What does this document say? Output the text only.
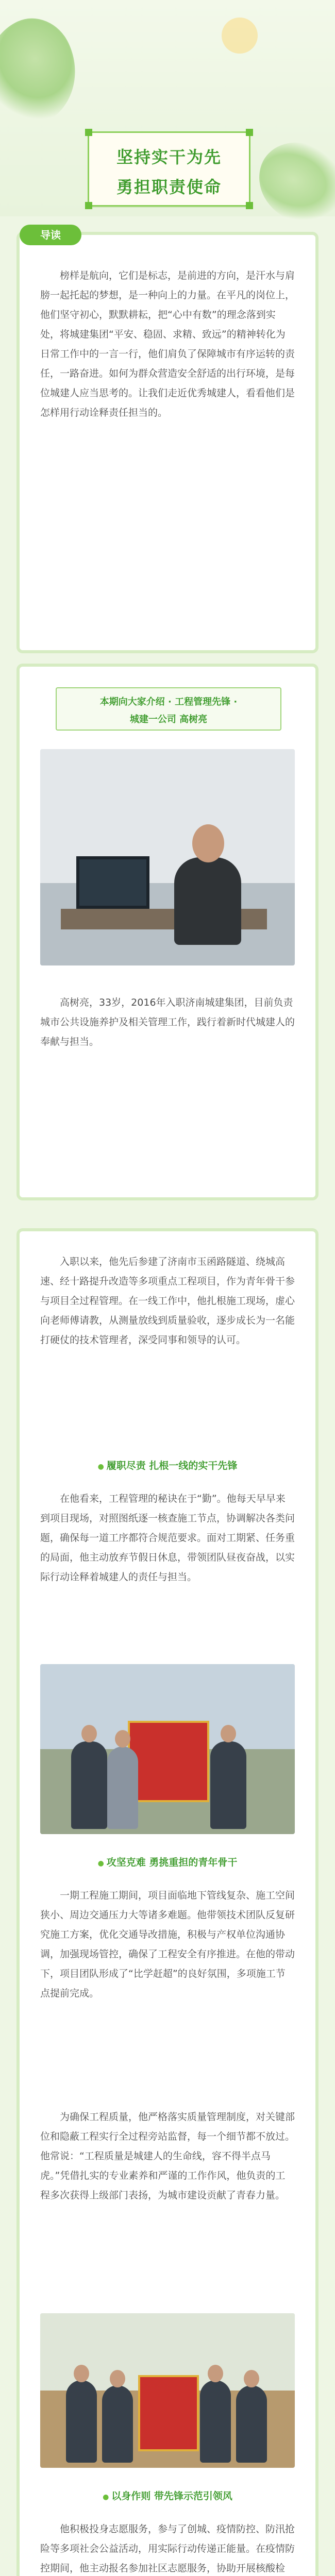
坚持实干为先
勇担职责使命
导读

榜样是航向，它们是标志，是前进的方向，是汗水与肩膀一起托起的梦想，是一种向上的力量。在平凡的岗位上，他们坚守初心，默默耕耘，把“心中有数”的理念落到实处，将城建集团“平安、稳固、求精、致远”的精神转化为日常工作中的一言一行，他们肩负了保障城市有序运转的责任，一路奋进。如何为群众营造安全舒适的出行环境，是每位城建人应当思考的。让我们走近优秀城建人，看看他们是怎样用行动诠释责任担当的。

本期向大家介绍 · 工程管理先锋 ·
城建一公司 高树亮

高树亮，33岁，2016年入职济南城建集团，目前负责城市公共设施养护及相关管理工作，践行着新时代城建人的奉献与担当。

入职以来，他先后参建了济南市玉函路隧道、绕城高速、经十路提升改造等多项重点工程项目，作为青年骨干参与项目全过程管理。在一线工作中，他扎根施工现场，虚心向老师傅请教，从测量放线到质量验收，逐步成长为一名能打硬仗的技术管理者，深受同事和领导的认可。

● 履职尽责 扎根一线的实干先锋

在他看来，工程管理的秘诀在于“勤”。他每天早早来到项目现场，对照图纸逐一核查施工节点，协调解决各类问题，确保每一道工序都符合规范要求。面对工期紧、任务重的局面，他主动放弃节假日休息，带领团队昼夜奋战，以实际行动诠释着城建人的责任与担当。

● 攻坚克难 勇挑重担的青年骨干

一期工程施工期间，项目面临地下管线复杂、施工空间狭小、周边交通压力大等诸多难题。他带领技术团队反复研究施工方案，优化交通导改措施，积极与产权单位沟通协调，加强现场管控，确保了工程安全有序推进。在他的带动下，项目团队形成了“比学赶超”的良好氛围，多项施工节点提前完成。

为确保工程质量，他严格落实质量管理制度，对关键部位和隐蔽工程实行全过程旁站监督，每一个细节都不放过。他常说：“工程质量是城建人的生命线，容不得半点马虎。”凭借扎实的专业素养和严谨的工作作风，他负责的工程多次获得上级部门表扬，为城市建设贡献了青春力量。

● 以身作则 带先锋示范引领风

他积极投身志愿服务，参与了创城、疫情防控、防汛抢险等多项社会公益活动，用实际行动传递正能量。在疫情防控期间，他主动报名参加社区志愿服务，协助开展核酸检
